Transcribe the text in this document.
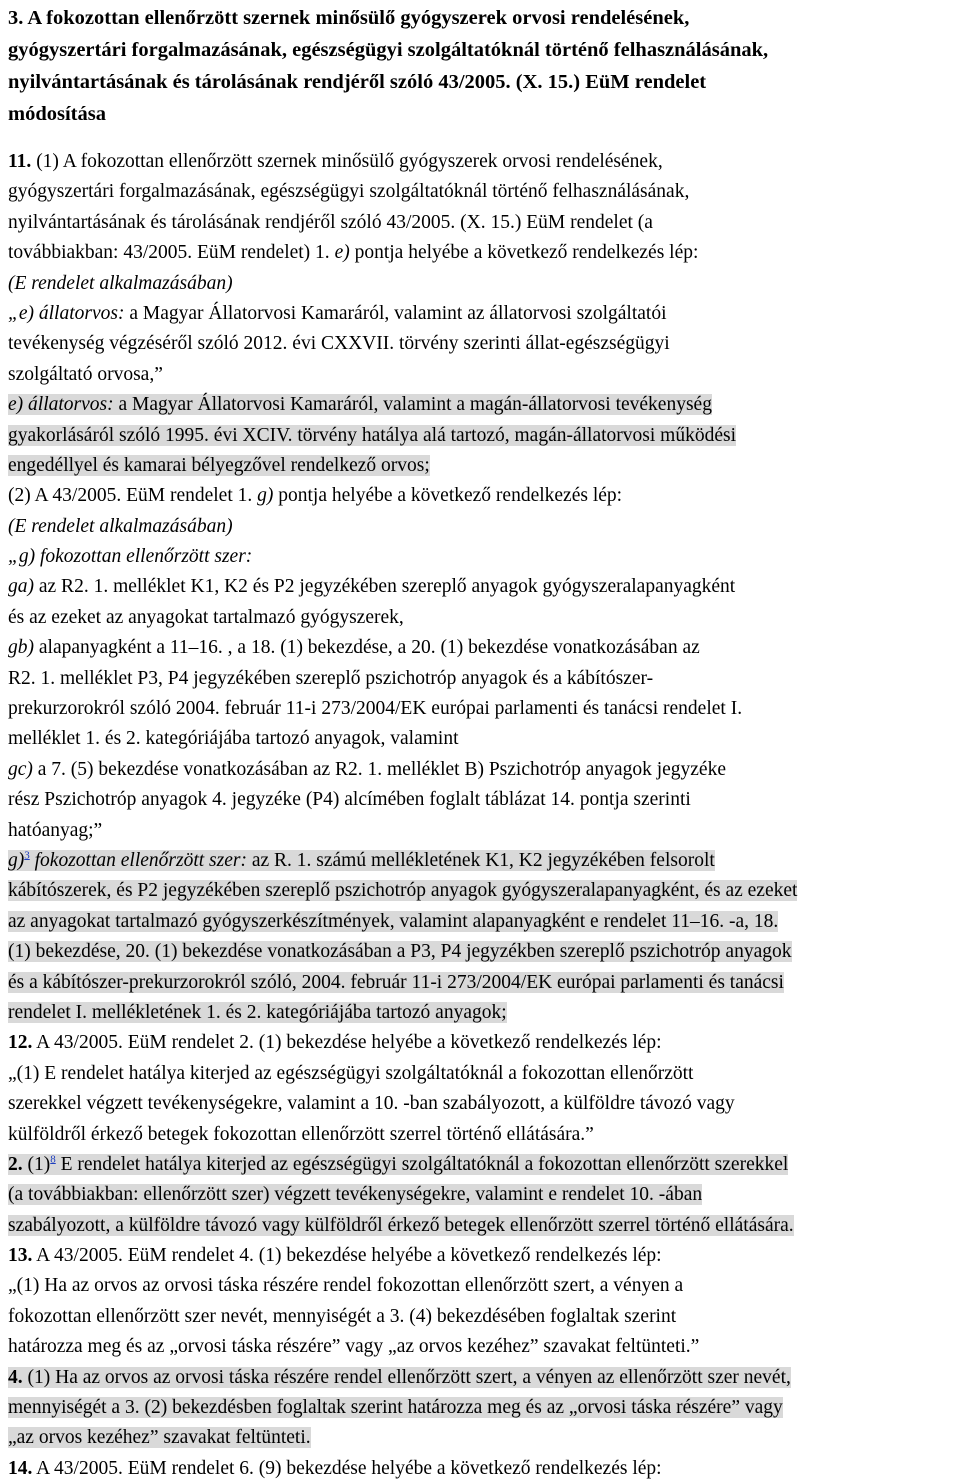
3. A fokozottan ellenőrzött szernek minősülő gyógyszerek orvosi rendelésének,
gyógyszertári forgalmazásának, egészségügyi szolgáltatóknál történő felhasználásának,
nyilvántartásának és tárolásának rendjéről szóló 43/2005. (X. 15.) EüM rendelet
módosítása
11. (1) A fokozottan ellenőrzött szernek minősülő gyógyszerek orvosi rendelésének,
gyógyszertári forgalmazásának, egészségügyi szolgáltatóknál történő felhasználásának,
nyilvántartásának és tárolásának rendjéről szóló 43/2005. (X. 15.) EüM rendelet (a
továbbiakban: 43/2005. EüM rendelet) 1. e) pontja helyébe a következő rendelkezés lép:
(E rendelet alkalmazásában)
„e) állatorvos: a Magyar Állatorvosi Kamaráról, valamint az állatorvosi szolgáltatói
tevékenység végzéséről szóló 2012. évi CXXVII. törvény szerinti állat-egészségügyi
szolgáltató orvosa,”
e) állatorvos: a Magyar Állatorvosi Kamaráról, valamint a magán-állatorvosi tevékenység
gyakorlásáról szóló 1995. évi XCIV. törvény hatálya alá tartozó, magán-állatorvosi működési
engedéllyel és kamarai bélyegzővel rendelkező orvos;
(2) A 43/2005. EüM rendelet 1. g) pontja helyébe a következő rendelkezés lép:
(E rendelet alkalmazásában)
„g) fokozottan ellenőrzött szer:
ga) az R2. 1. melléklet K1, K2 és P2 jegyzékében szereplő anyagok gyógyszeralapanyagként
és az ezeket az anyagokat tartalmazó gyógyszerek,
gb) alapanyagként a 11–16. , a 18. (1) bekezdése, a 20. (1) bekezdése vonatkozásában az
R2. 1. melléklet P3, P4 jegyzékében szereplő pszichotróp anyagok és a kábítószer-
prekurzorokról szóló 2004. február 11-i 273/2004/EK európai parlamenti és tanácsi rendelet I.
melléklet 1. és 2. kategóriájába tartozó anyagok, valamint
gc) a 7. (5) bekezdése vonatkozásában az R2. 1. melléklet B) Pszichotróp anyagok jegyzéke
rész Pszichotróp anyagok 4. jegyzéke (P4) alcímében foglalt táblázat 14. pontja szerinti
hatóanyag;”
g)$^3$ fokozottan ellenőrzött szer: az R. 1. számú mellékletének K1, K2 jegyzékében felsorolt
kábítószerek, és P2 jegyzékében szereplő pszichotróp anyagok gyógyszeralapanyagként, és az ezeket
az anyagokat tartalmazó gyógyszerkészítmények, valamint alapanyagként e rendelet 11–16. -a, 18.
(1) bekezdése, 20. (1) bekezdése vonatkozásában a P3, P4 jegyzékben szereplő pszichotróp anyagok
és a kábítószer-prekurzorokról szóló, 2004. február 11-i 273/2004/EK európai parlamenti és tanácsi
rendelet I. mellékletének 1. és 2. kategóriájába tartozó anyagok;
12. A 43/2005. EüM rendelet 2. (1) bekezdése helyébe a következő rendelkezés lép:
„(1) E rendelet hatálya kiterjed az egészségügyi szolgáltatóknál a fokozottan ellenőrzött
szerekkel végzett tevékenységekre, valamint a 10. -ban szabályozott, a külföldre távozó vagy
külföldről érkező betegek fokozottan ellenőrzött szerrel történő ellátására.”
2. $(1)^8$ E rendelet hatálya kiterjed az egészségügyi szolgáltatóknál a fokozottan ellenőrzött szerekkel
(a továbbiakban: ellenőrzött szer) végzett tevékenységekre, valamint e rendelet 10. -ában
szabályozott, a külföldre távozó vagy külföldről érkező betegek ellenőrzött szerrel történő ellátására.
13. A 43/2005. EüM rendelet 4. (1) bekezdése helyébe a következő rendelkezés lép:
„(1) Ha az orvos az orvosi táska részére rendel fokozottan ellenőrzött szert, a vényen a
fokozottan ellenőrzött szer nevét, mennyiségét a 3. (4) bekezdésében foglaltak szerint
határozza meg és az „orvosi táska részére” vagy „az orvos kezéhez” szavakat feltünteti.”
4. (1) Ha az orvos az orvosi táska részére rendel ellenőrzött szert, a vényen az ellenőrzött szer nevét,
mennyiségét a 3. (2) bekezdésben foglaltak szerint határozza meg és az „orvosi táska részére” vagy
„az orvos kezéhez” szavakat feltünteti.
14. A 43/2005. EüM rendelet 6. (9) bekezdése helyébe a következő rendelkezés lép:
